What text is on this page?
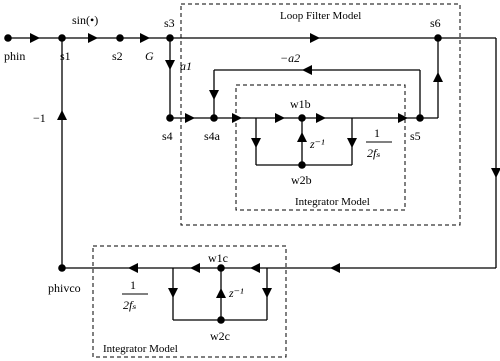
Loop Filter Model
Integrator Model
Integrator Model
phin	s1
sin(•)
s2 G
s3	s6
a1
−a2
s4	s4a
w1b
z⁻¹
w2b
s5
1
2fₛ
−1
phivco
w1c
z⁻¹
w2c
1
2fₛ
